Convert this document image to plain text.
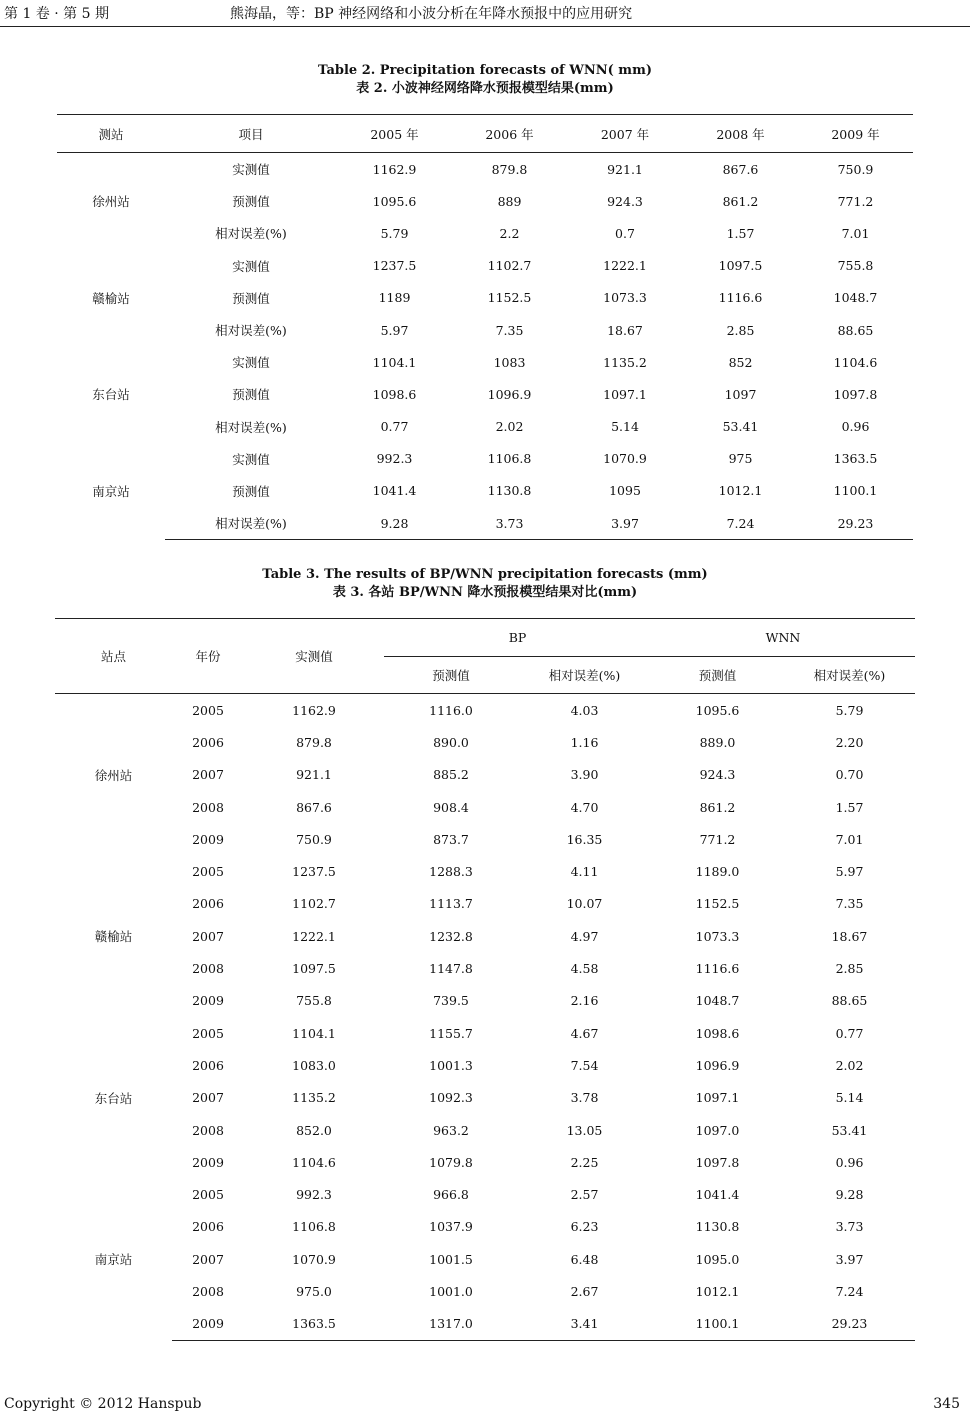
第 1 卷 · 第 5 期	熊海晶，等：BP 神经网络和小波分析在年降水预报中的应用研究
Table 2. Precipitation forecasts of WNN( mm)
表 2. 小波神经网络降水预报模型结果(mm)
测站	项目	2005 年	2006 年	2007 年	2008 年	2009 年
徐州站	实测值	1162.9	879.8	921.1	867.6	750.9
	预测值	1095.6	889	924.3	861.2	771.2
	相对误差(%)	5.79	2.2	0.7	1.57	7.01
赣榆站	实测值	1237.5	1102.7	1222.1	1097.5	755.8
	预测值	1189	1152.5	1073.3	1116.6	1048.7
	相对误差(%)	5.97	7.35	18.67	2.85	88.65
东台站	实测值	1104.1	1083	1135.2	852	1104.6
	预测值	1098.6	1096.9	1097.1	1097	1097.8
	相对误差(%)	0.77	2.02	5.14	53.41	0.96
南京站	实测值	992.3	1106.8	1070.9	975	1363.5
	预测值	1041.4	1130.8	1095	1012.1	1100.1
	相对误差(%)	9.28	3.73	3.97	7.24	29.23
Table 3. The results of BP/WNN precipitation forecasts (mm)
表 3. 各站 BP/WNN 降水预报模型结果对比(mm)
站点	年份	实测值	BP		WNN	
			预测值	相对误差(%)	预测值	相对误差(%)
徐州站	2005	1162.9	1116.0	4.03	1095.6	5.79
	2006	879.8	890.0	1.16	889.0	2.20
	2007	921.1	885.2	3.90	924.3	0.70
	2008	867.6	908.4	4.70	861.2	1.57
	2009	750.9	873.7	16.35	771.2	7.01
赣榆站	2005	1237.5	1288.3	4.11	1189.0	5.97
	2006	1102.7	1113.7	10.07	1152.5	7.35
	2007	1222.1	1232.8	4.97	1073.3	18.67
	2008	1097.5	1147.8	4.58	1116.6	2.85
	2009	755.8	739.5	2.16	1048.7	88.65
东台站	2005	1104.1	1155.7	4.67	1098.6	0.77
	2006	1083.0	1001.3	7.54	1096.9	2.02
	2007	1135.2	1092.3	3.78	1097.1	5.14
	2008	852.0	963.2	13.05	1097.0	53.41
	2009	1104.6	1079.8	2.25	1097.8	0.96
南京站	2005	992.3	966.8	2.57	1041.4	9.28
	2006	1106.8	1037.9	6.23	1130.8	3.73
	2007	1070.9	1001.5	6.48	1095.0	3.97
	2008	975.0	1001.0	2.67	1012.1	7.24
	2009	1363.5	1317.0	3.41	1100.1	29.23
Copyright © 2012 Hanspub	345
